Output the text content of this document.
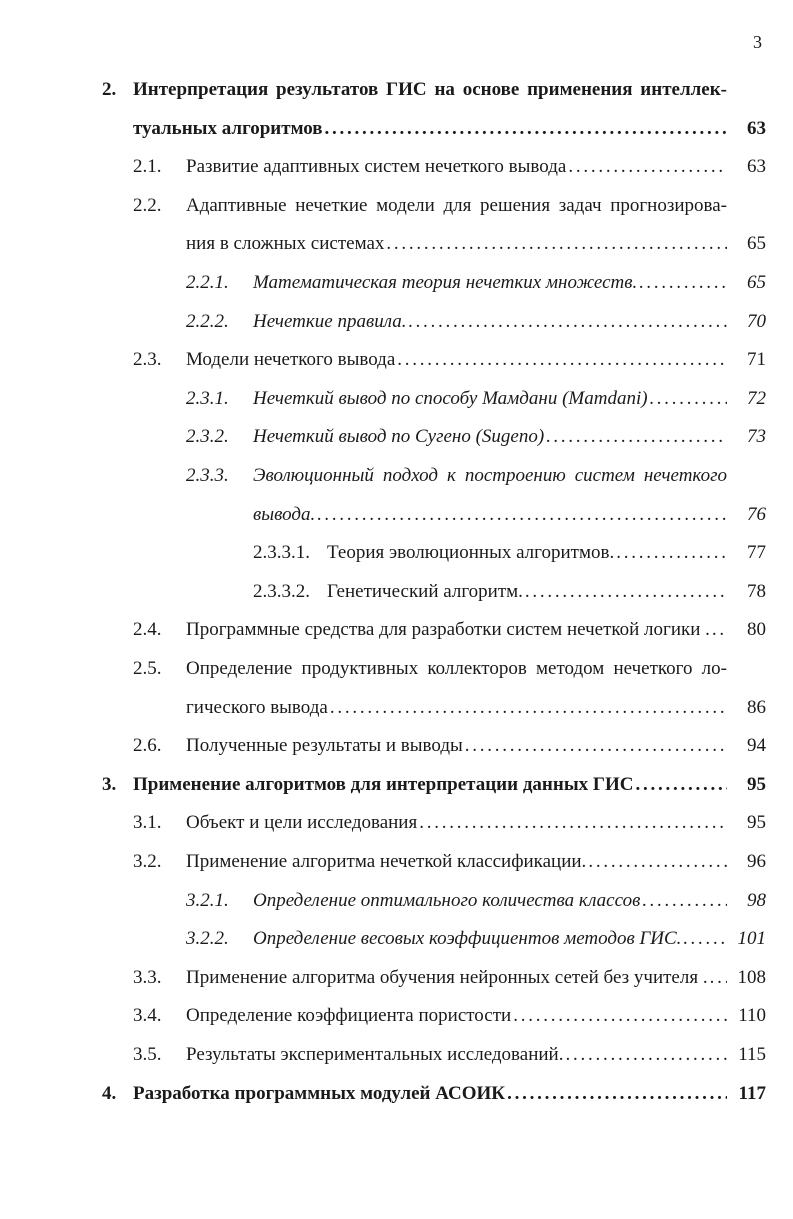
3
2. Интерпретация результатов ГИС на основе применения интеллек-
туальных алгоритмов . . .	63
2.1. Развитие адаптивных систем нечеткого вывода . . .	63
2.2. Адаптивные нечеткие модели для решения задач прогнозирова-
ния в сложных системах . . .	65
2.2.1. Математическая теория нечетких множеств. . . .	65
2.2.2. Нечеткие правила. . . .	70
2.3. Модели нечеткого вывода . . .	71
2.3.1. Нечеткий вывод по способу Мамдани (Mamdani) . . .	72
2.3.2. Нечеткий вывод по Сугено (Sugeno) . . .	73
2.3.3. Эволюционный подход к построению систем нечеткого
вывода. . . .	76
2.3.3.1. Теория эволюционных алгоритмов. . . .	77
2.3.3.2. Генетический алгоритм. . . .	78
2.4. Программные средства для разработки систем нечеткой логики . . . .	80
2.5. Определение продуктивных коллекторов методом нечеткого ло-
гического вывода . . .	86
2.6. Полученные результаты и выводы . . .	94
3. Применение алгоритмов для интерпретации данных ГИС . . .	95
3.1. Объект и цели исследования . . .	95
3.2. Применение алгоритма нечеткой классификации. . . .	96
3.2.1. Определение оптимального количества классов . . .	98
3.2.2. Определение весовых коэффициентов методов ГИС. . . .	101
3.3. Применение алгоритма обучения нейронных сетей без учителя . . . .	108
3.4. Определение коэффициента пористости . . .	110
3.5. Результаты экспериментальных исследований. . . .	115
4. Разработка программных модулей АСОИК . . .	117
